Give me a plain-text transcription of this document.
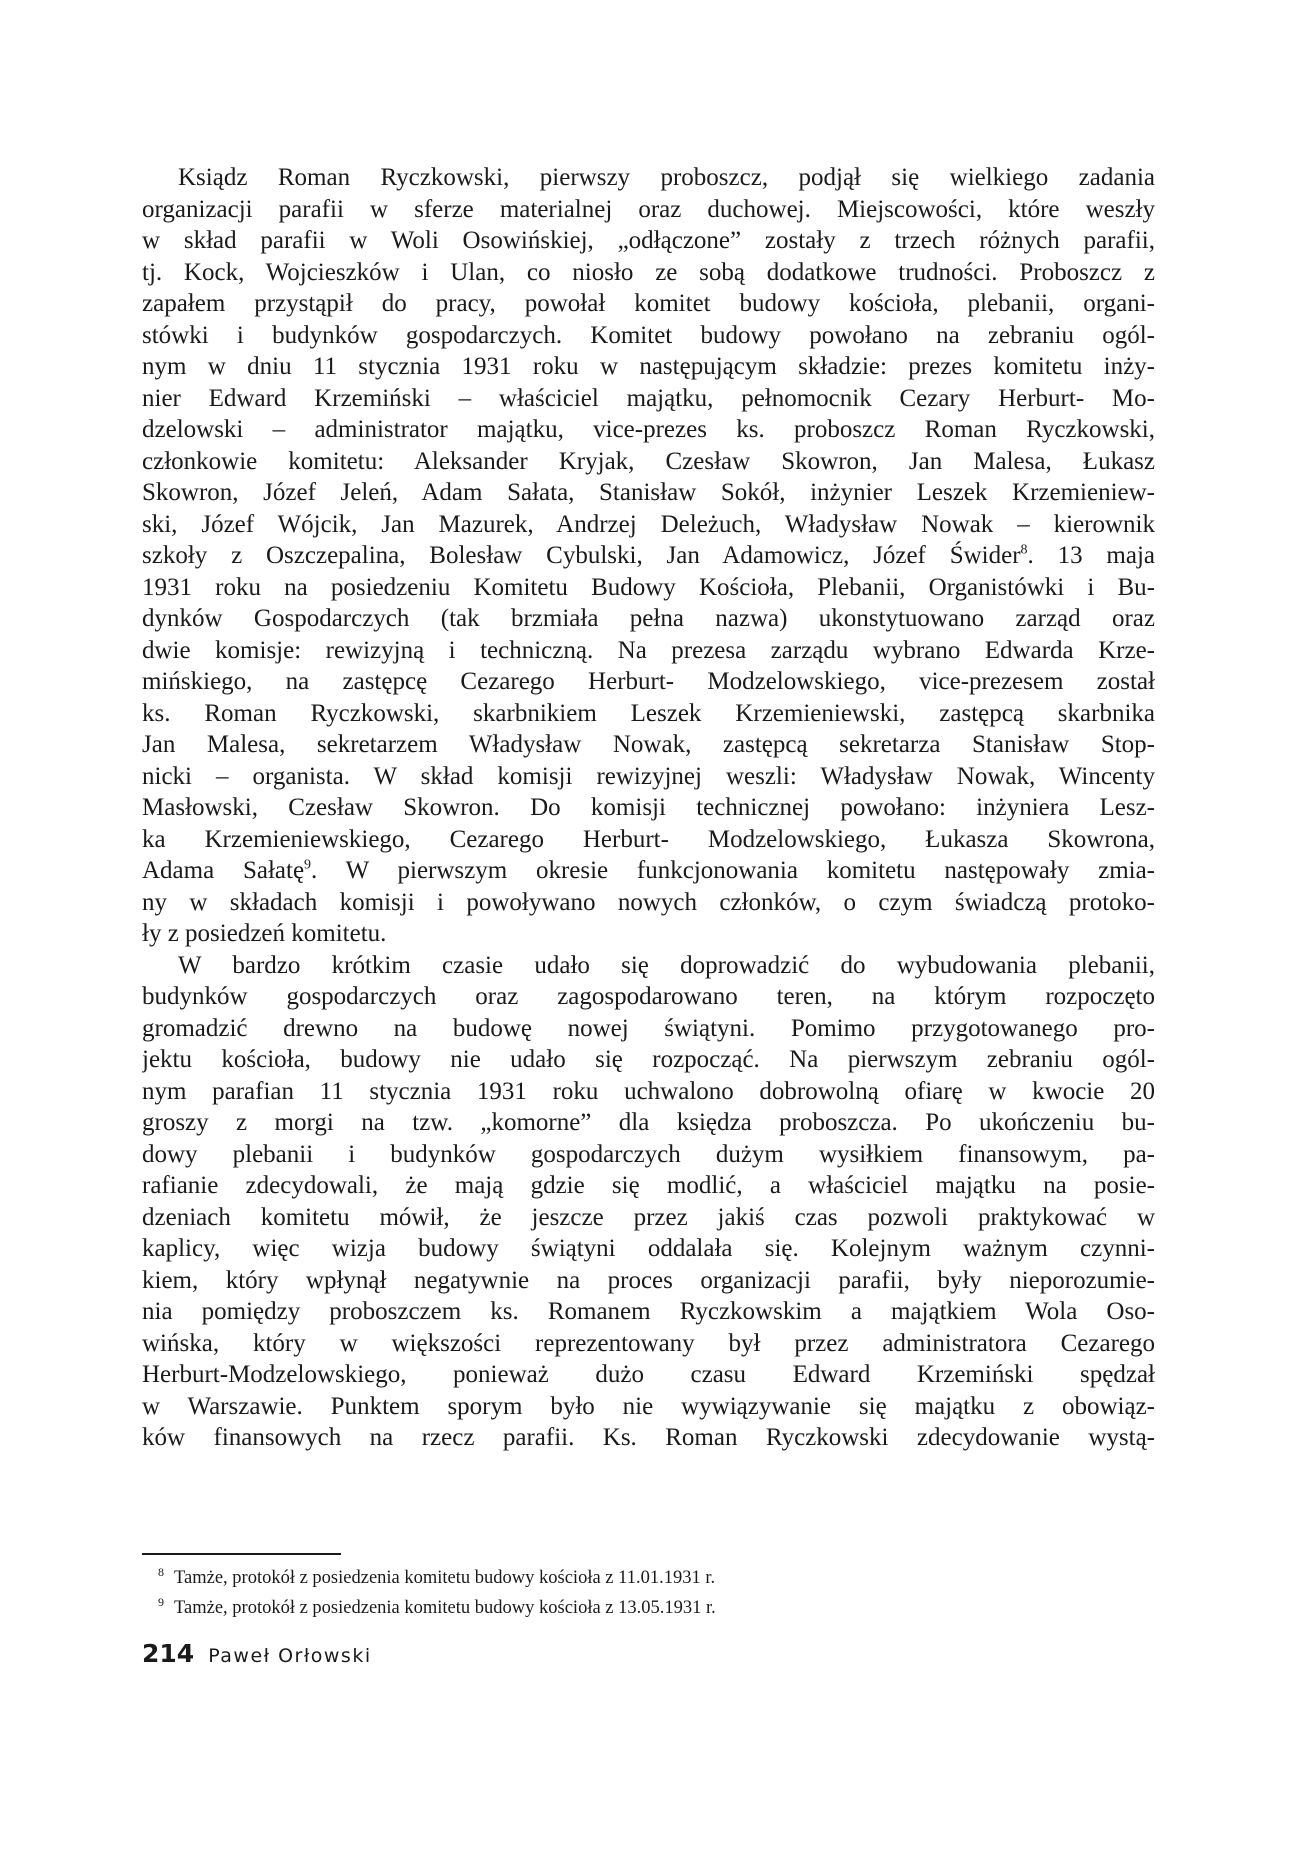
Ksiądz Roman Ryczkowski, pierwszy proboszcz, podjął się wielkiego zadania
organizacji parafii w sferze materialnej oraz duchowej. Miejscowości, które weszły
w skład parafii w Woli Osowińskiej, „odłączone” zostały z trzech różnych parafii,
tj. Kock, Wojcieszków i Ulan, co niosło ze sobą dodatkowe trudności. Proboszcz z
zapałem przystąpił do pracy, powołał komitet budowy kościoła, plebanii, organi-
stówki i budynków gospodarczych. Komitet budowy powołano na zebraniu ogól-
nym w dniu 11 stycznia 1931 roku w następującym składzie: prezes komitetu inży-
nier Edward Krzemiński – właściciel majątku, pełnomocnik Cezary Herburt- Mo-
dzelowski – administrator majątku, vice-prezes ks. proboszcz Roman Ryczkowski,
członkowie komitetu: Aleksander Kryjak, Czesław Skowron, Jan Malesa, Łukasz
Skowron, Józef Jeleń, Adam Sałata, Stanisław Sokół, inżynier Leszek Krzemieniew-
ski, Józef Wójcik, Jan Mazurek, Andrzej Deleżuch, Władysław Nowak – kierownik
szkoły z Oszczepalina, Bolesław Cybulski, Jan Adamowicz, Józef Świder$^8$. 13 maja
1931 roku na posiedzeniu Komitetu Budowy Kościoła, Plebanii, Organistówki i Bu-
dynków Gospodarczych (tak brzmiała pełna nazwa) ukonstytuowano zarząd oraz
dwie komisje: rewizyjną i techniczną. Na prezesa zarządu wybrano Edwarda Krze-
mińskiego, na zastępcę Cezarego Herburt- Modzelowskiego, vice-prezesem został
ks. Roman Ryczkowski, skarbnikiem Leszek Krzemieniewski, zastępcą skarbnika
Jan Malesa, sekretarzem Władysław Nowak, zastępcą sekretarza Stanisław Stop-
nicki – organista. W skład komisji rewizyjnej weszli: Władysław Nowak, Wincenty
Masłowski, Czesław Skowron. Do komisji technicznej powołano: inżyniera Lesz-
ka Krzemieniewskiego, Cezarego Herburt- Modzelowskiego, Łukasza Skowrona,
Adama Sałatę$^9$. W pierwszym okresie funkcjonowania komitetu następowały zmia-
ny w składach komisji i powoływano nowych członków, o czym świadczą protoko-
ły z posiedzeń komitetu.
W bardzo krótkim czasie udało się doprowadzić do wybudowania plebanii,
budynków gospodarczych oraz zagospodarowano teren, na którym rozpoczęto
gromadzić drewno na budowę nowej świątyni. Pomimo przygotowanego pro-
jektu kościoła, budowy nie udało się rozpocząć. Na pierwszym zebraniu ogól-
nym parafian 11 stycznia 1931 roku uchwalono dobrowolną ofiarę w kwocie 20
groszy z morgi na tzw. „komorne” dla księdza proboszcza. Po ukończeniu bu-
dowy plebanii i budynków gospodarczych dużym wysiłkiem finansowym, pa-
rafianie zdecydowali, że mają gdzie się modlić, a właściciel majątku na posie-
dzeniach komitetu mówił, że jeszcze przez jakiś czas pozwoli praktykować w
kaplicy, więc wizja budowy świątyni oddalała się. Kolejnym ważnym czynni-
kiem, który wpłynął negatywnie na proces organizacji parafii, były nieporozumie-
nia pomiędzy proboszczem ks. Romanem Ryczkowskim a majątkiem Wola Oso-
wińska, który w większości reprezentowany był przez administratora Cezarego
Herburt-Modzelowskiego, ponieważ dużo czasu Edward Krzemiński spędzał
w Warszawie. Punktem sporym było nie wywiązywanie się majątku z obowiąz-
ków finansowych na rzecz parafii. Ks. Roman Ryczkowski zdecydowanie wystą-
$^8$ Tamże, protokół z posiedzenia komitetu budowy kościoła z 11.01.1931 r.
$^9$ Tamże, protokół z posiedzenia komitetu budowy kościoła z 13.05.1931 r.
214 Paweł Orłowski
